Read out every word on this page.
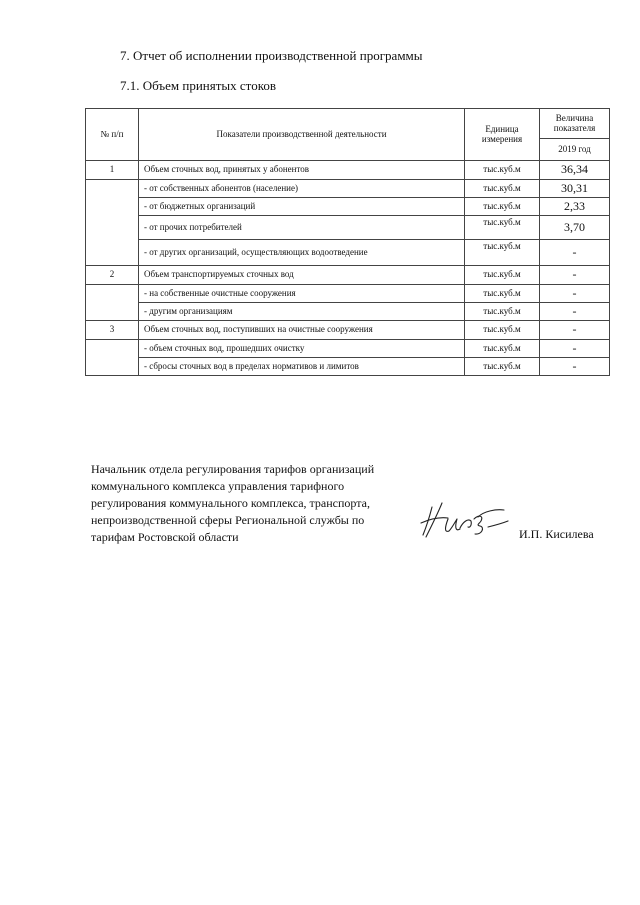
7. Отчет об исполнении производственной программы
7.1. Объем принятых стоков
№ п/п	Показатели производственной деятельности	Единица измерения	Величина показателя
			2019 год
1	Объем сточных вод, принятых у абонентов	тыс.куб.м	36,34
	- от собственных абонентов (население)	тыс.куб.м	30,31
	- от бюджетных организаций	тыс.куб.м	2,33
	- от прочих потребителей	тыс.куб.м	3,70
	- от других организаций, осуществляющих водоотведение	тыс.куб.м	-
2	Объем транспортируемых сточных вод	тыс.куб.м	-
	- на собственные очистные сооружения	тыс.куб.м	-
	- другим организациям	тыс.куб.м	-
3	Объем сточных вод, поступивших на очистные сооружения	тыс.куб.м	-
	- объем сточных вод, прошедших очистку	тыс.куб.м	-
	- сбросы сточных вод в пределах нормативов и лимитов	тыс.куб.м	-
Начальник отдела регулирования тарифов организаций
коммунального комплекса управления тарифного
регулирования коммунального комплекса, транспорта,
непроизводственной сферы Региональной службы по
тарифам Ростовской области	И.П. Кисилева
